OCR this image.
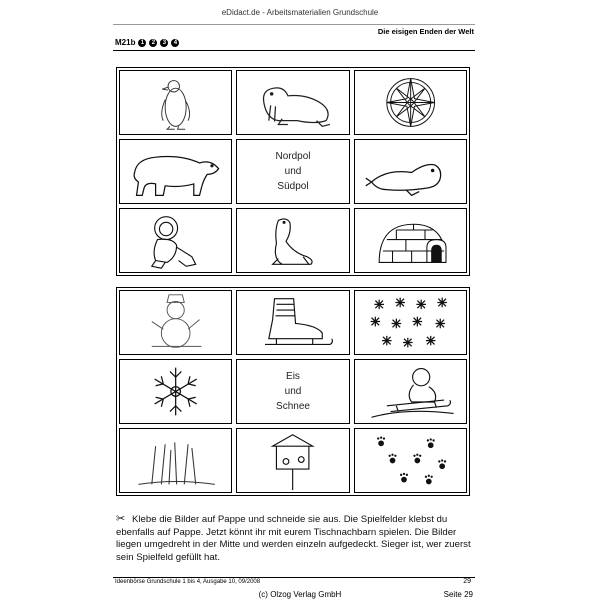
eDidact.de - Arbeitsmaterialien Grundschule
Die eisigen Enden der Welt
M21b 1	2	3	4
Nordpol
und
Südpol
Eis
und
Schnee
✂ Klebe die Bilder auf Pappe und schneide sie aus. Die Spielfelder klebst du ebenfalls auf Pappe. Jetzt könnt ihr mit eurem Tischnachbarn spielen. Die Bilder liegen umgedreht in der Mitte und werden einzeln aufgedeckt. Sieger ist, wer zuerst sein Spielfeld gefüllt hat.
Ideenbörse Grundschule 1 bis 4, Ausgabe 10, 09/2008	29
(c) Olzog Verlag GmbH	Seite 29
